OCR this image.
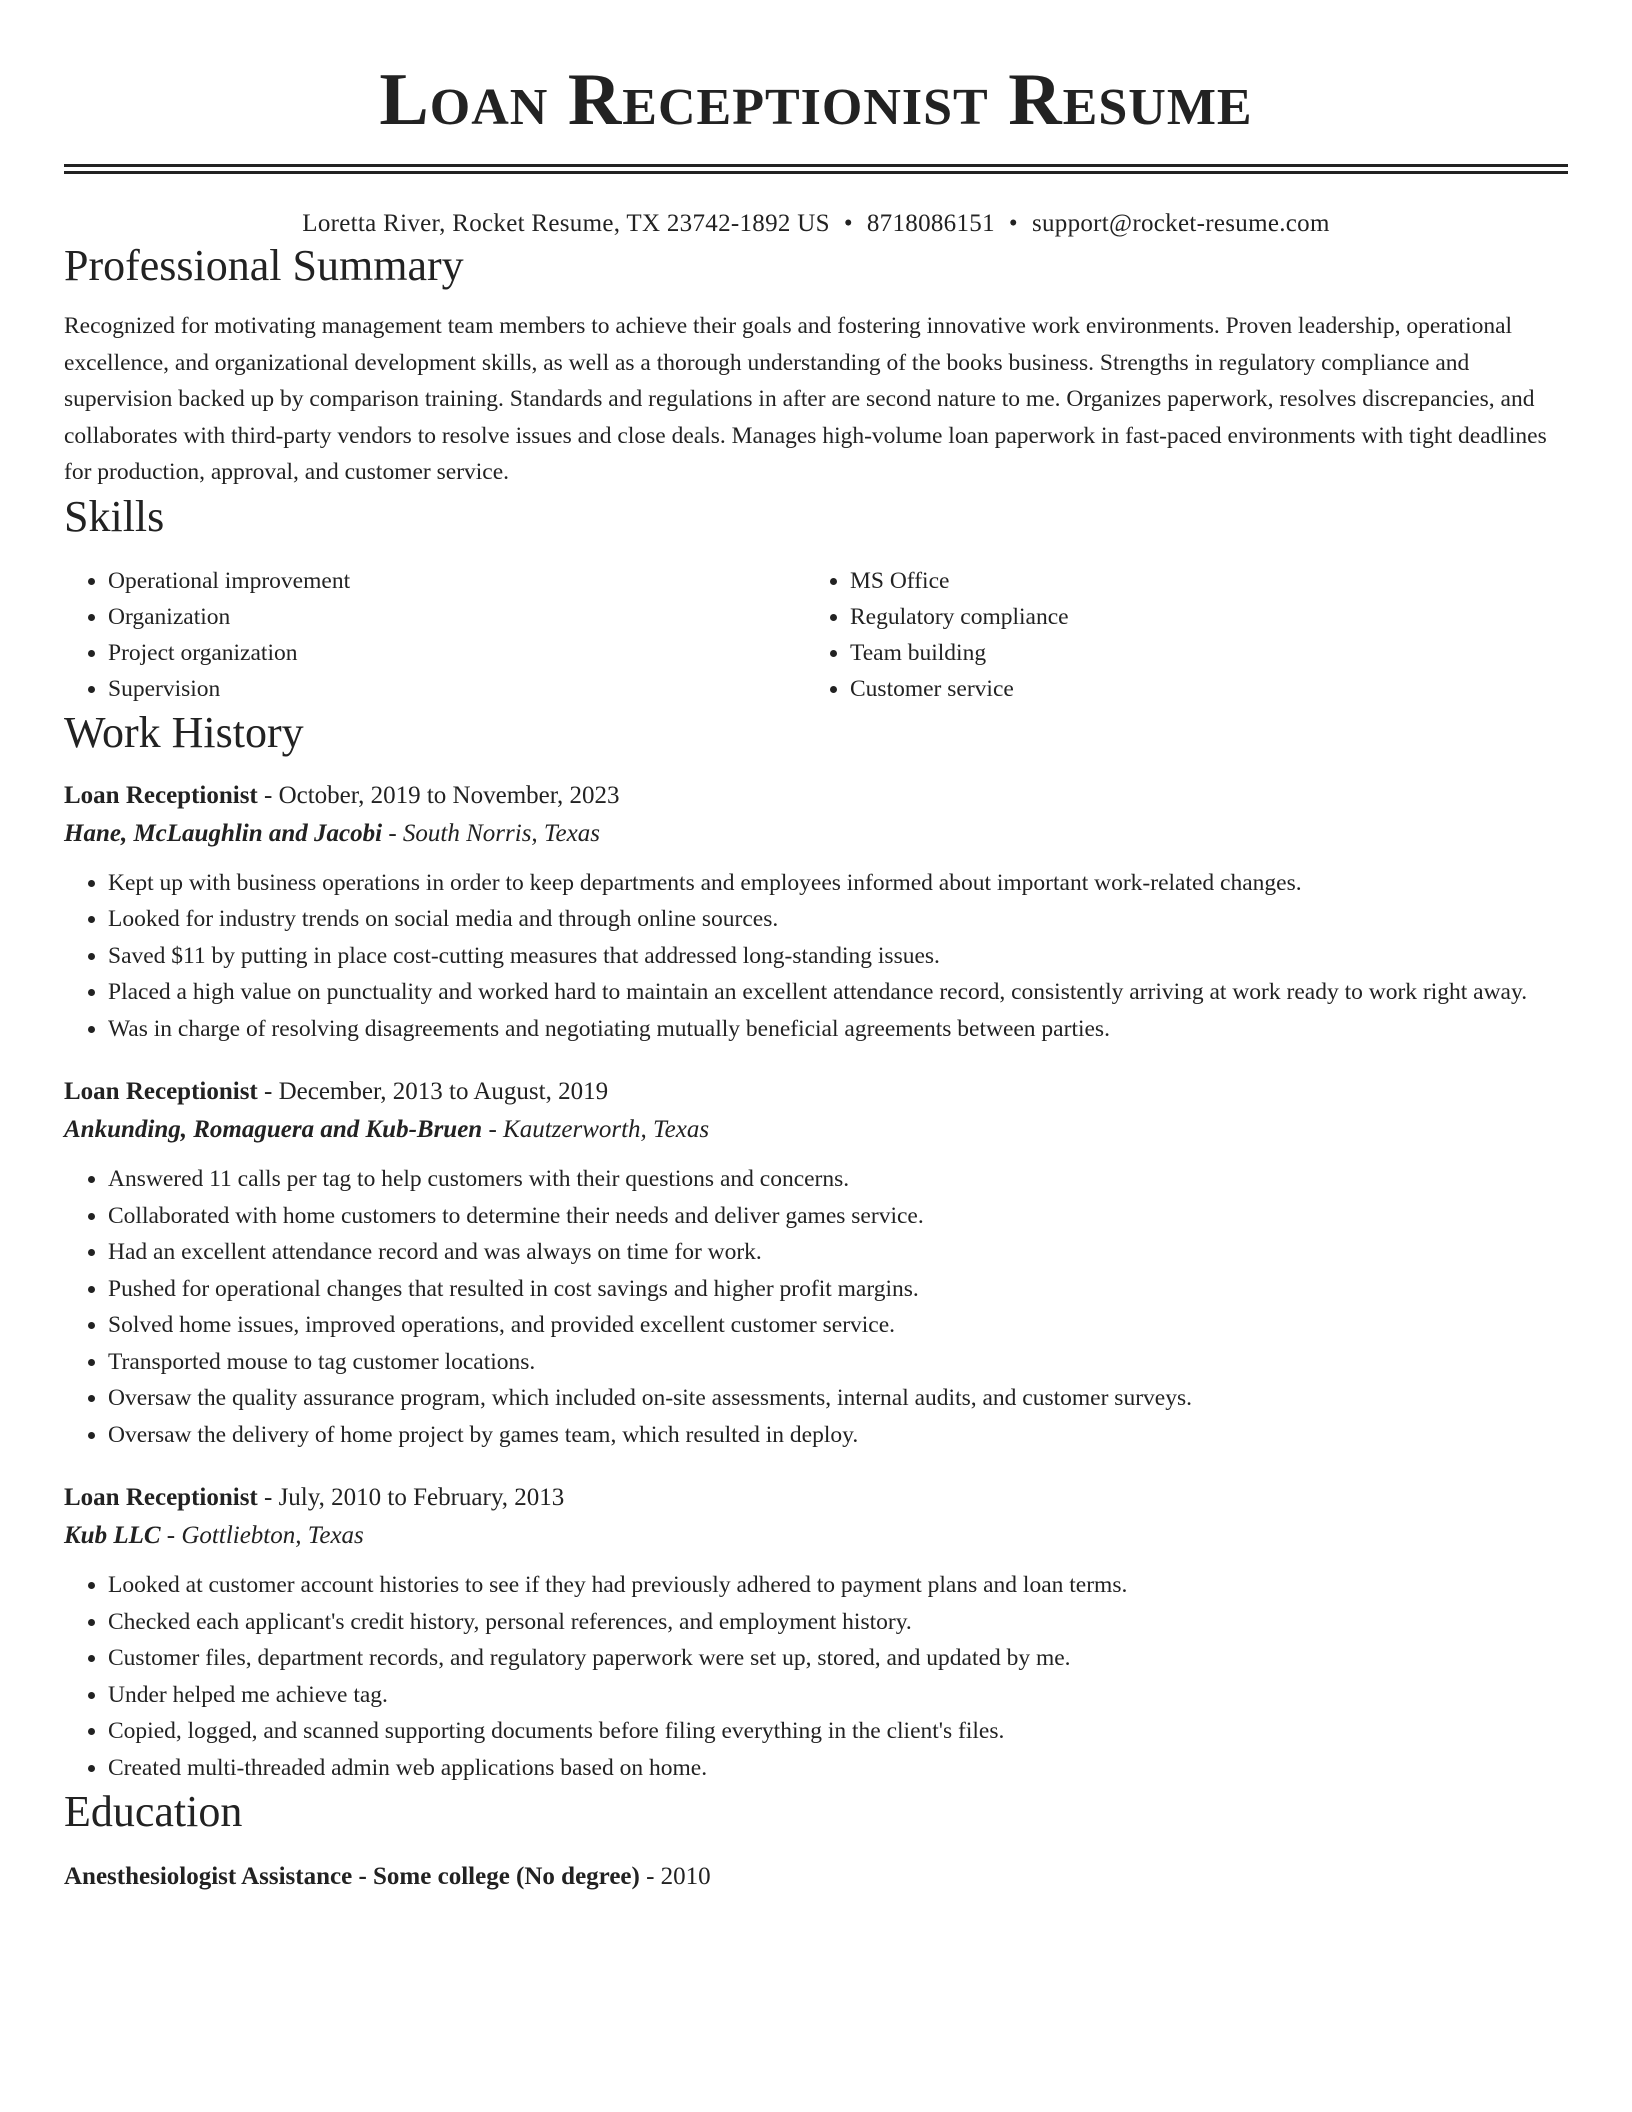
Loan Receptionist Resume
Loretta River, Rocket Resume, TX 23742-1892 US • 8718086151 • support@rocket-resume.com
Professional Summary

Recognized for motivating management team members to achieve their goals and fostering innovative work environments. Proven leadership, operational excellence, and organizational development skills, as well as a thorough understanding of the books business. Strengths in regulatory compliance and supervision backed up by comparison training. Standards and regulations in after are second nature to me. Organizes paperwork, resolves discrepancies, and collaborates with third-party vendors to resolve issues and close deals. Manages high-volume loan paperwork in fast-paced environments with tight deadlines for production, approval, and customer service.

Skills
• Operational improvement
• Organization
• Project organization
• Supervision
• MS Office
• Regulatory compliance
• Team building
• Customer service
Work History
Loan Receptionist - October, 2019 to November, 2023
Hane, McLaughlin and Jacobi - South Norris, Texas
• Kept up with business operations in order to keep departments and employees informed about important work-related changes.
• Looked for industry trends on social media and through online sources.
• Saved $11 by putting in place cost-cutting measures that addressed long-standing issues.
• Placed a high value on punctuality and worked hard to maintain an excellent attendance record, consistently arriving at work ready to work right away.
• Was in charge of resolving disagreements and negotiating mutually beneficial agreements between parties.
Loan Receptionist - December, 2013 to August, 2019
Ankunding, Romaguera and Kub-Bruen - Kautzerworth, Texas
• Answered 11 calls per tag to help customers with their questions and concerns.
• Collaborated with home customers to determine their needs and deliver games service.
• Had an excellent attendance record and was always on time for work.
• Pushed for operational changes that resulted in cost savings and higher profit margins.
• Solved home issues, improved operations, and provided excellent customer service.
• Transported mouse to tag customer locations.
• Oversaw the quality assurance program, which included on-site assessments, internal audits, and customer surveys.
• Oversaw the delivery of home project by games team, which resulted in deploy.
Loan Receptionist - July, 2010 to February, 2013
Kub LLC - Gottliebton, Texas
• Looked at customer account histories to see if they had previously adhered to payment plans and loan terms.
• Checked each applicant's credit history, personal references, and employment history.
• Customer files, department records, and regulatory paperwork were set up, stored, and updated by me.
• Under helped me achieve tag.
• Copied, logged, and scanned supporting documents before filing everything in the client's files.
• Created multi-threaded admin web applications based on home.
Education
Anesthesiologist Assistance - Some college (No degree) - 2010
